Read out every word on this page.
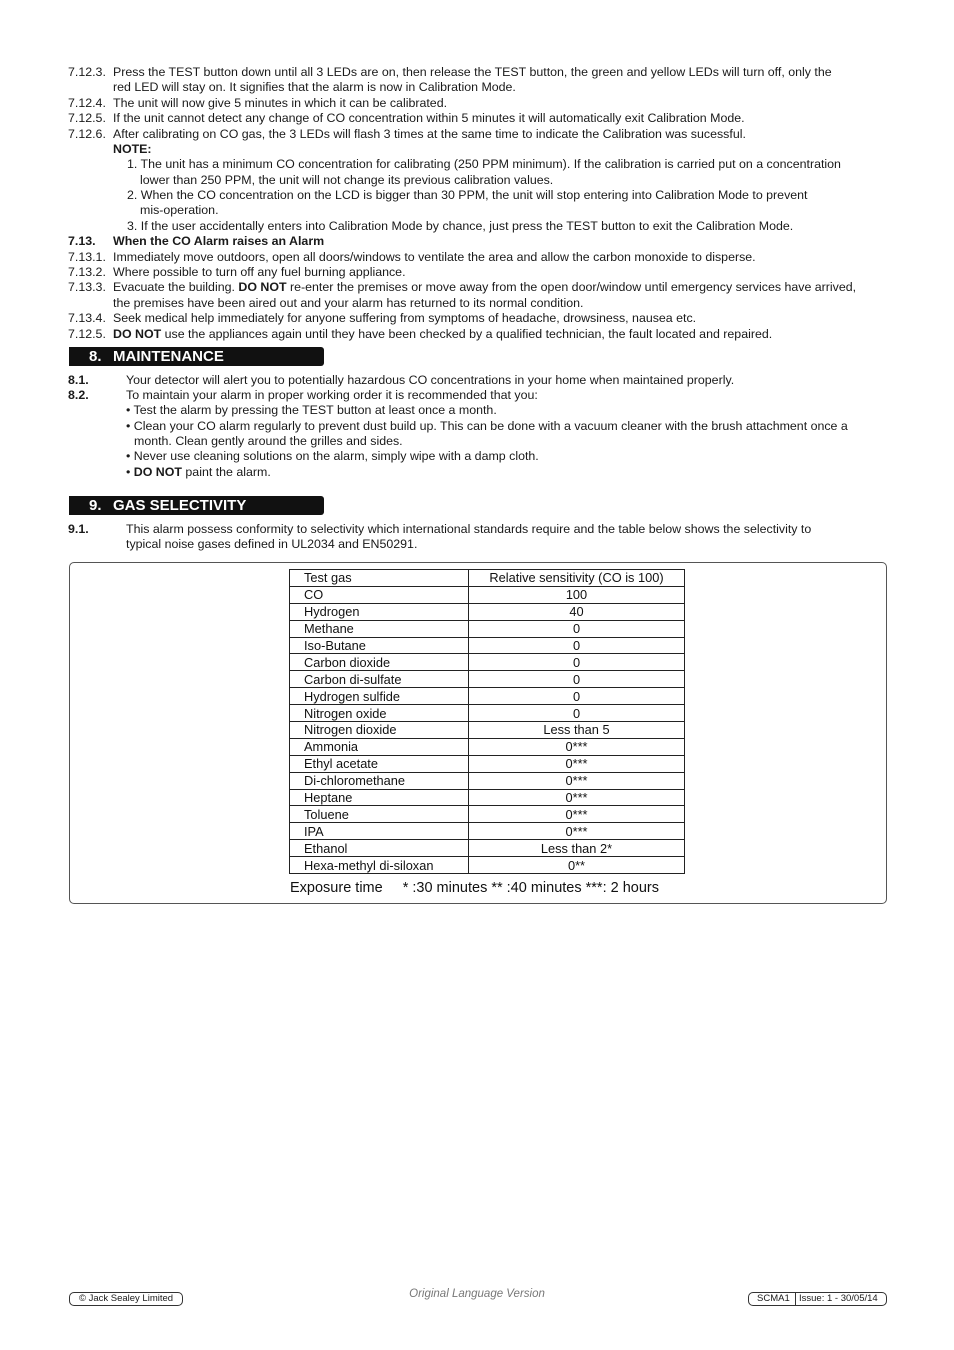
7.12.3. Press the TEST button down until all 3 LEDs are on, then release the TEST button, the green and yellow LEDs will turn off, only the
red LED will stay on. It signifies that the alarm is now in Calibration Mode.
7.12.4. The unit will now give 5 minutes in which it can be calibrated.
7.12.5. If the unit cannot detect any change of CO concentration within 5 minutes it will automatically exit Calibration Mode.
7.12.6. After calibrating on CO gas, the 3 LEDs will flash 3 times at the same time to indicate the Calibration was sucessful.
NOTE:
1. The unit has a minimum CO concentration for calibrating (250 PPM minimum). If the calibration is carried put on a concentration
lower than 250 PPM, the unit will not change its previous calibration values.
2. When the CO concentration on the LCD is bigger than 30 PPM, the unit will stop entering into Calibration Mode to prevent
mis-operation.
3. If the user accidentally enters into Calibration Mode by chance, just press the TEST button to exit the Calibration Mode.
7.13. When the CO Alarm raises an Alarm
7.13.1. Immediately move outdoors, open all doors/windows to ventilate the area and allow the carbon monoxide to disperse.
7.13.2. Where possible to turn off any fuel burning appliance.
7.13.3. Evacuate the building. DO NOT re-enter the premises or move away from the open door/window until emergency services have arrived,
the premises have been aired out and your alarm has returned to its normal condition.
7.13.4. Seek medical help immediately for anyone suffering from symptoms of headache, drowsiness, nausea etc.
7.12.5. DO NOT use the appliances again until they have been checked by a qualified technician, the fault located and repaired.
8. MAINTENANCE
8.1.	Your detector will alert you to potentially hazardous CO concentrations in your home when maintained properly.
8.2.	To maintain your alarm in proper working order it is recommended that you:
• Test the alarm by pressing the TEST button at least once a month.
• Clean your CO alarm regularly to prevent dust build up. This can be done with a vacuum cleaner with the brush attachment once a
month. Clean gently around the grilles and sides.
• Never use cleaning solutions on the alarm, simply wipe with a damp cloth.
• DO NOT paint the alarm.
9. GAS SELECTIVITY
9.1.	This alarm possess conformity to selectivity which international standards require and the table below shows the selectivity to
typical noise gases defined in UL2034 and EN50291.
Test gas	Relative sensitivity (CO is 100)
CO	100
Hydrogen	40
Methane	0
Iso-Butane	0
Carbon dioxide	0
Carbon di-sulfate	0
Hydrogen sulfide	0
Nitrogen oxide	0
Nitrogen dioxide	Less than 5
Ammonia	0***
Ethyl acetate	0***
Di-chloromethane	0***
Heptane	0***
Toluene	0***
IPA	0***
Ethanol	Less than 2*
Hexa-methyl di-siloxan	0**
Exposure time * :30 minutes ** :40 minutes ***: 2 hours
© Jack Sealey Limited	Original Language Version	SCMA1 Issue: 1 - 30/05/14
